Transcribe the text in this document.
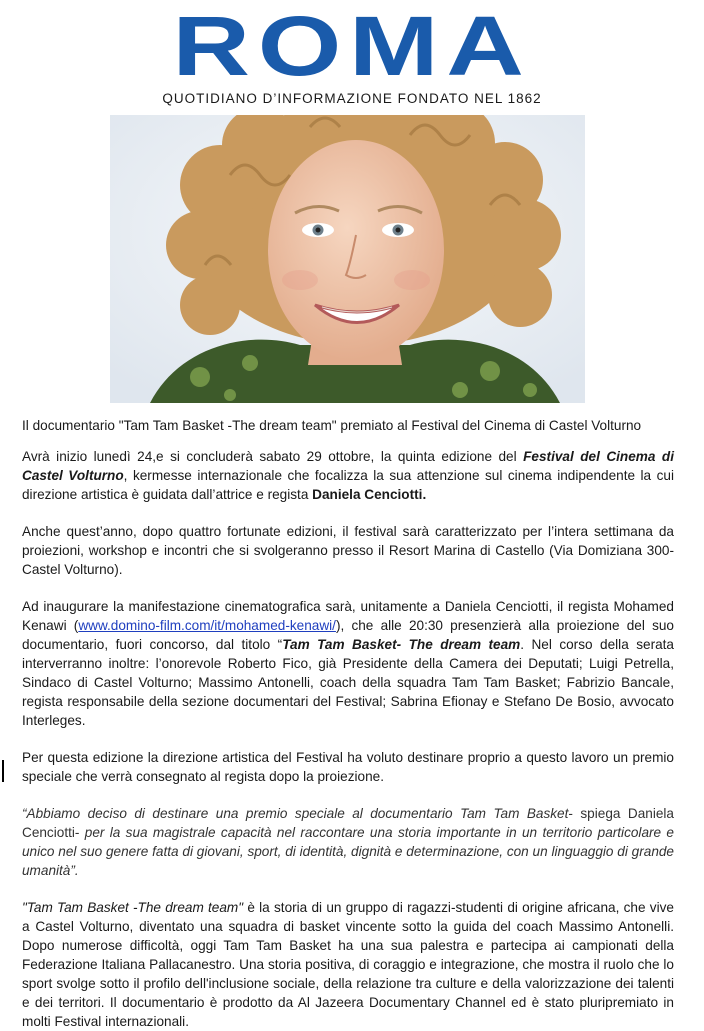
ROMA
QUOTIDIANO D’INFORMAZIONE FONDATO NEL 1862

Il documentario "Tam Tam Basket -The dream team" premiato al Festival del Cinema di Castel Volturno

Avrà inizio lunedì 24,e si concluderà sabato 29 ottobre, la quinta edizione del Festival del Cinema di Castel Volturno, kermesse internazionale che focalizza la sua attenzione sul cinema indipendente la cui direzione artistica è guidata dall’attrice e regista Daniela Cenciotti.

Anche quest’anno, dopo quattro fortunate edizioni, il festival sarà caratterizzato per l’intera settimana da proiezioni, workshop e incontri che si svolgeranno presso il Resort Marina di Castello (Via Domiziana 300- Castel Volturno).

Ad inaugurare la manifestazione cinematografica sarà, unitamente a Daniela Cenciotti, il regista Mohamed Kenawi (www.domino-film.com/it/mohamed-kenawi/), che alle 20:30 presenzierà alla proiezione del suo documentario, fuori concorso, dal titolo “Tam Tam Basket- The dream team. Nel corso della serata interverranno inoltre: l’onorevole Roberto Fico, già Presidente della Camera dei Deputati; Luigi Petrella, Sindaco di Castel Volturno; Massimo Antonelli, coach della squadra Tam Tam Basket; Fabrizio Bancale, regista responsabile della sezione documentari del Festival; Sabrina Efionay e Stefano De Bosio, avvocato Interleges.

Per questa edizione la direzione artistica del Festival ha voluto destinare proprio a questo lavoro un premio speciale che verrà consegnato al regista dopo la proiezione.

“Abbiamo deciso di destinare una premio speciale al documentario Tam Tam Basket- spiega Daniela Cenciotti- per la sua magistrale capacità nel raccontare una storia importante in un territorio particolare e unico nel suo genere fatta di giovani, sport, di identità, dignità e determinazione, con un linguaggio di grande umanità”.

"Tam Tam Basket -The dream team" è la storia di un gruppo di ragazzi-studenti di origine africana, che vive a Castel Volturno, diventato una squadra di basket vincente sotto la guida del coach Massimo Antonelli. Dopo numerose difficoltà, oggi Tam Tam Basket ha una sua palestra e partecipa ai campionati della Federazione Italiana Pallacanestro. Una storia positiva, di coraggio e integrazione, che mostra il ruolo che lo sport svolge sotto il profilo dell'inclusione sociale, della relazione tra culture e della valorizzazione dei talenti e dei territori. Il documentario è prodotto da Al Jazeera Documentary Channel ed è stato pluripremiato in molti Festival internazionali.
